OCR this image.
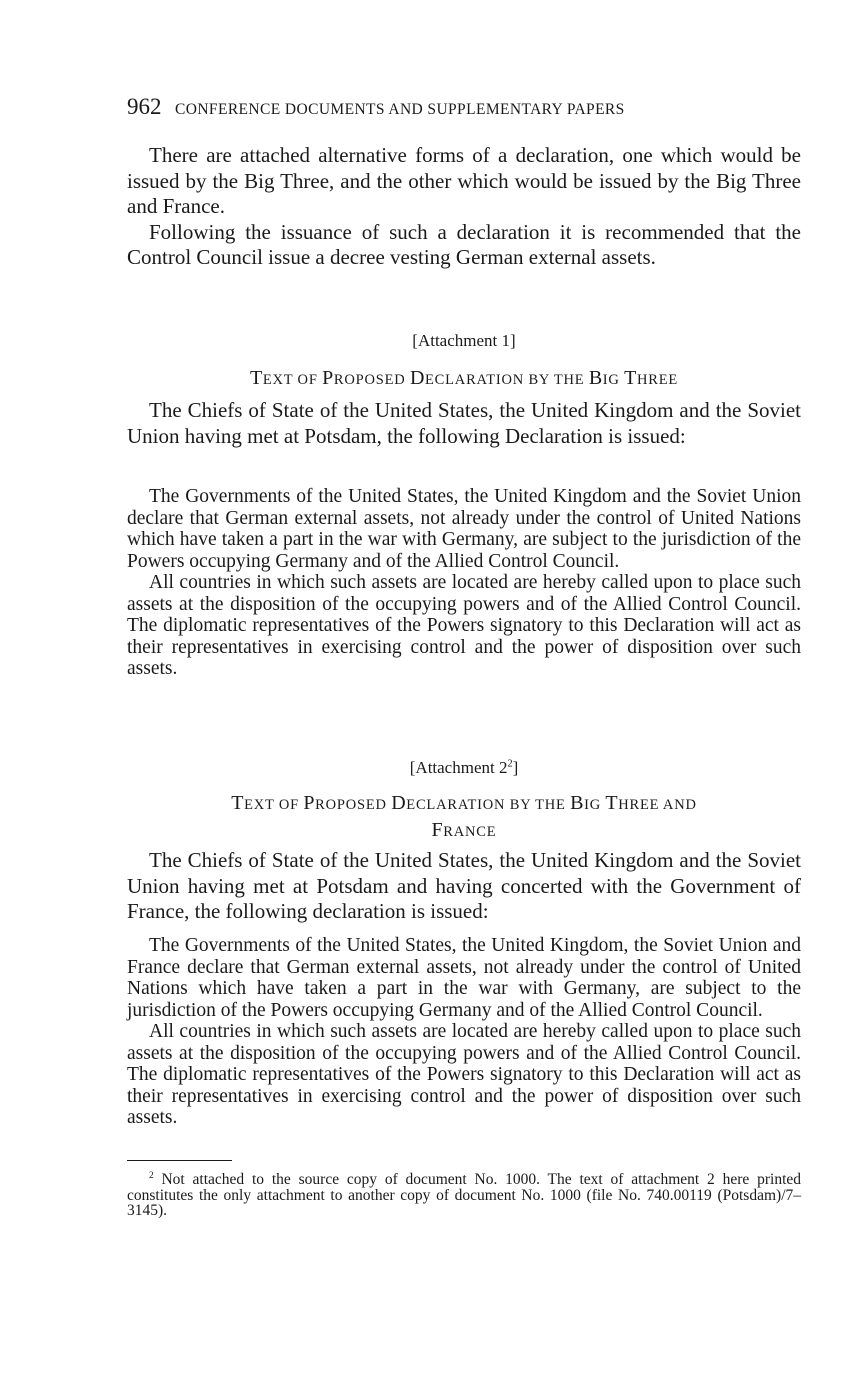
962 CONFERENCE DOCUMENTS AND SUPPLEMENTARY PAPERS

There are attached alternative forms of a declaration, one which would be issued by the Big Three, and the other which would be issued by the Big Three and France.

Following the issuance of such a declaration it is recommended that the Control Council issue a decree vesting German external assets.

[Attachment 1]
TEXT OF PROPOSED DECLARATION BY THE BIG THREE

The Chiefs of State of the United States, the United Kingdom and the Soviet Union having met at Potsdam, the following Declaration is issued:

The Governments of the United States, the United Kingdom and the Soviet Union declare that German external assets, not already under the control of United Nations which have taken a part in the war with Germany, are subject to the jurisdiction of the Powers occupying Germany and of the Allied Control Council.

All countries in which such assets are located are hereby called upon to place such assets at the disposition of the occupying powers and of the Allied Control Council. The diplomatic representatives of the Powers signatory to this Declaration will act as their representatives in exercising control and the power of disposition over such assets.

[Attachment $2^2$]
TEXT OF PROPOSED DECLARATION BY THE BIG THREE AND
FRANCE

The Chiefs of State of the United States, the United Kingdom and the Soviet Union having met at Potsdam and having concerted with the Government of France, the following declaration is issued:

The Governments of the United States, the United Kingdom, the Soviet Union and France declare that German external assets, not already under the control of United Nations which have taken a part in the war with Germany, are subject to the jurisdiction of the Powers occupying Germany and of the Allied Control Council.

All countries in which such assets are located are hereby called upon to place such assets at the disposition of the occupying powers and of the Allied Control Council. The diplomatic representatives of the Powers signatory to this Declaration will act as their representatives in exercising control and the power of disposition over such assets.

$^2$ Not attached to the source copy of document No. 1000. The text of attachment 2 here printed constitutes the only attachment to another copy of document No. 1000 (file No. 740.00119 (Potsdam)/7–3145).
